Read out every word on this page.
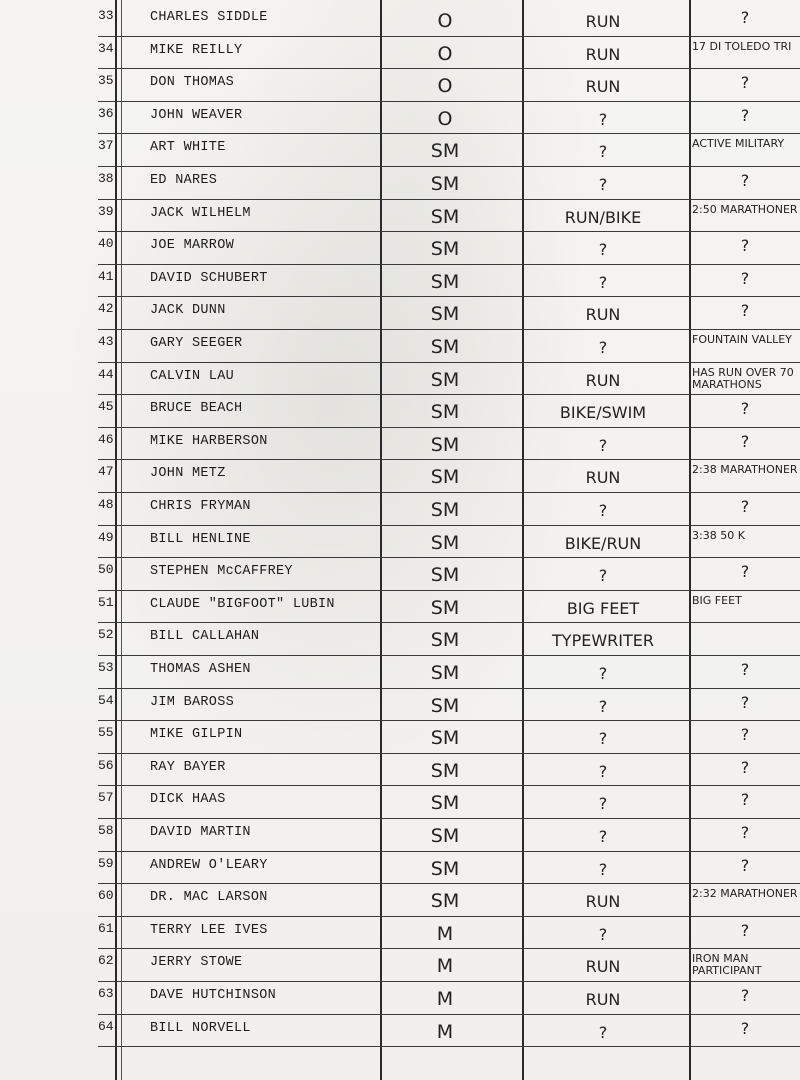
33	CHARLES SIDDLE	O	RUN	?
34	MIKE REILLY	O	RUN	17 DI TOLEDO TRI
35	DON THOMAS	O	RUN	?
36	JOHN WEAVER	O	?	?
37	ART WHITE	SM	?	ACTIVE MILITARY
38	ED NARES	SM	?	?
39	JACK WILHELM	SM	RUN/BIKE	2:50 MARATHONER
40	JOE MARROW	SM	?	?
41	DAVID SCHUBERT	SM	?	?
42	JACK DUNN	SM	RUN	?
43	GARY SEEGER	SM	?	FOUNTAIN VALLEY
44	CALVIN LAU	SM	RUN	HAS RUN OVER 70 MARATHONS
45	BRUCE BEACH	SM	BIKE/SWIM	?
46	MIKE HARBERSON	SM	?	?
47	JOHN METZ	SM	RUN	2:38 MARATHONER
48	CHRIS FRYMAN	SM	?	?
49	BILL HENLINE	SM	BIKE/RUN	3:38 50 K
50	STEPHEN McCAFFREY	SM	?	?
51	CLAUDE "BIGFOOT" LUBIN	SM	BIG FEET	BIG FEET
52	BILL CALLAHAN	SM	TYPEWRITER
53	THOMAS ASHEN	SM	?	?
54	JIM BAROSS	SM	?	?
55	MIKE GILPIN	SM	?	?
56	RAY BAYER	SM	?	?
57	DICK HAAS	SM	?	?
58	DAVID MARTIN	SM	?	?
59	ANDREW O'LEARY	SM	?	?
60	DR. MAC LARSON	SM	RUN	2:32 MARATHONER
61	TERRY LEE IVES	M	?	?
62	JERRY STOWE	M	RUN	IRON MAN PARTICIPANT
63	DAVE HUTCHINSON	M	RUN	?
64	BILL NORVELL	M	?	?
